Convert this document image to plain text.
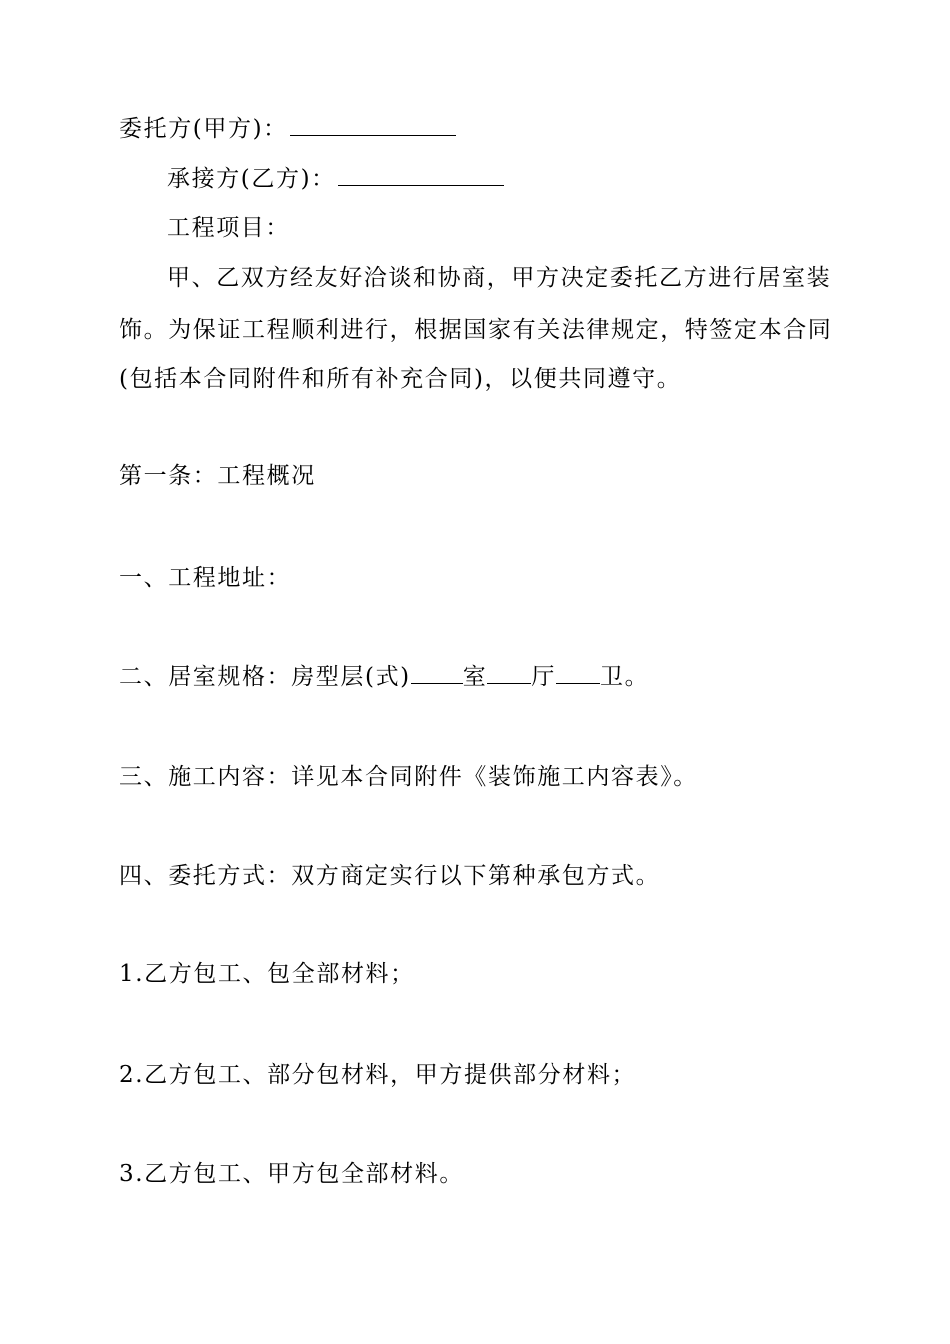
委托方(甲方)：
承接方(乙方)：
工程项目：
甲、乙双方经友好洽谈和协商，甲方决定委托乙方进行居室装
饰。为保证工程顺利进行，根据国家有关法律规定，特签定本合同
(包括本合同附件和所有补充合同)，以便共同遵守。
第一条：工程概况
一、工程地址：
二、居室规格：房型层(式) 室 厅 卫。
三、施工内容：详见本合同附件《装饰施工内容表》。
四、委托方式：双方商定实行以下第种承包方式。
1.乙方包工、包全部材料；
2.乙方包工、部分包材料，甲方提供部分材料；
3.乙方包工、甲方包全部材料。
